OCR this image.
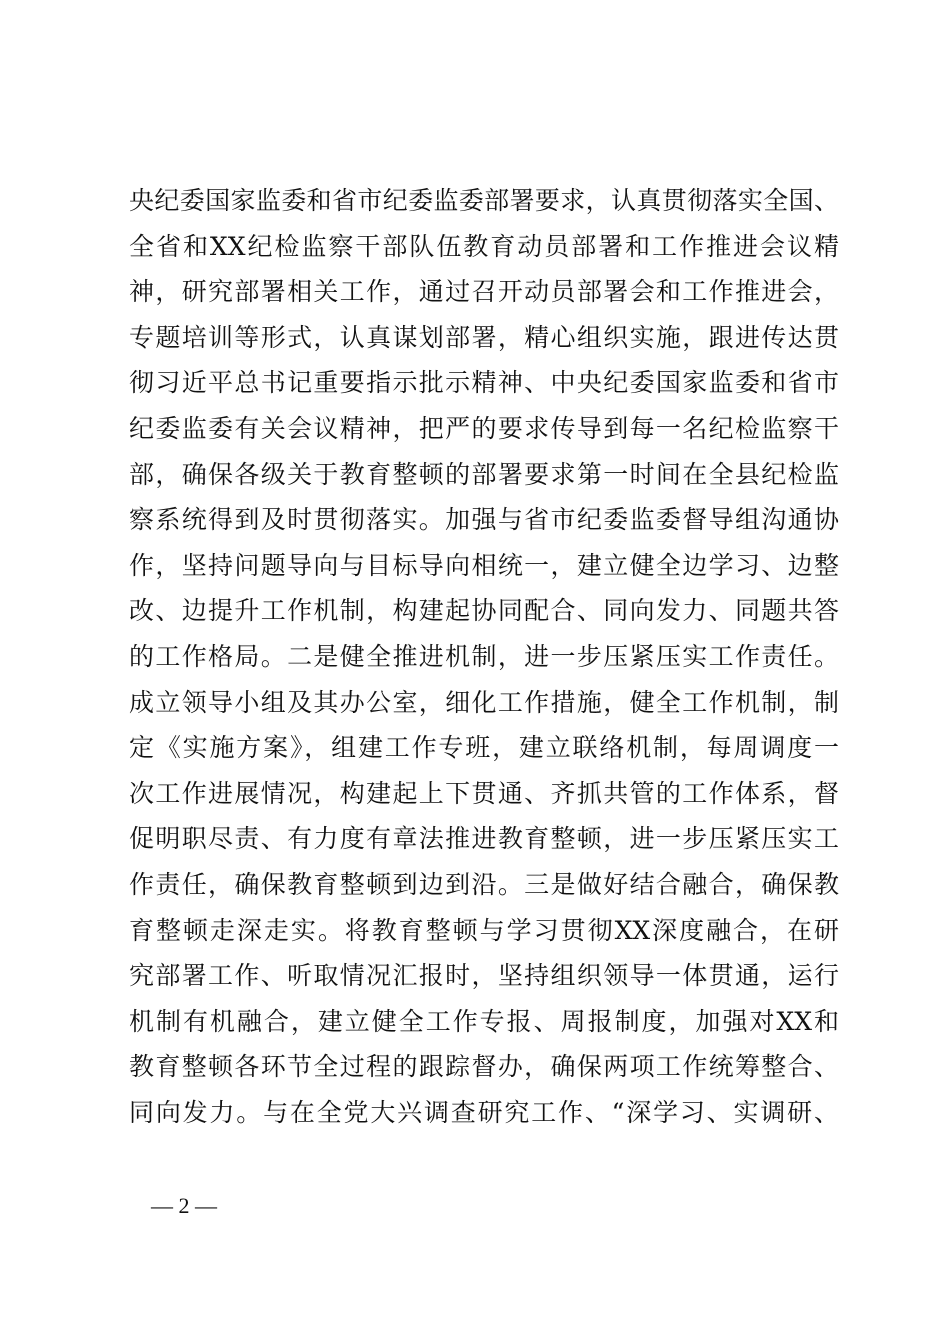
央纪委国家监委和省市纪委监委部署要求，认真贯彻落实全国、
全省和XX纪检监察干部队伍教育动员部署和工作推进会议精
神，研究部署相关工作，通过召开动员部署会和工作推进会，
专题培训等形式，认真谋划部署，精心组织实施，跟进传达贯
彻习近平总书记重要指示批示精神、中央纪委国家监委和省市
纪委监委有关会议精神，把严的要求传导到每一名纪检监察干
部，确保各级关于教育整顿的部署要求第一时间在全县纪检监
察系统得到及时贯彻落实。加强与省市纪委监委督导组沟通协
作，坚持问题导向与目标导向相统一，建立健全边学习、边整
改、边提升工作机制，构建起协同配合、同向发力、同题共答
的工作格局。二是健全推进机制，进一步压紧压实工作责任。
成立领导小组及其办公室，细化工作措施，健全工作机制，制
定《实施方案》，组建工作专班，建立联络机制，每周调度一
次工作进展情况，构建起上下贯通、齐抓共管的工作体系，督
促明职尽责、有力度有章法推进教育整顿，进一步压紧压实工
作责任，确保教育整顿到边到沿。三是做好结合融合，确保教
育整顿走深走实。将教育整顿与学习贯彻XX深度融合，在研
究部署工作、听取情况汇报时，坚持组织领导一体贯通，运行
机制有机融合，建立健全工作专报、周报制度，加强对XX和
教育整顿各环节全过程的跟踪督办，确保两项工作统筹整合、
同向发力。与在全党大兴调查研究工作、“深学习、实调研、
— 2 —
